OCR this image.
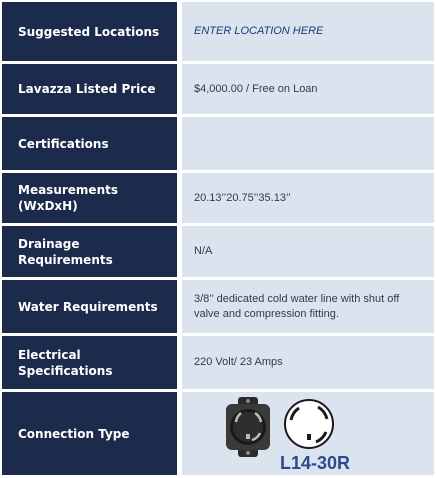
Suggested Locations	ENTER LOCATION HERE
Lavazza Listed Price	$4,000.00 / Free on Loan
Certifications
Measurements (WxDxH)
20.13’’20.75’’35.13’’
Drainage Requirements
N/A
Water Requirements
3/8’’ dedicated cold water line with shut off valve and compression fitting.
Electrical Specifications
220 Volt/ 23 Amps
Connection Type
L14-30R
